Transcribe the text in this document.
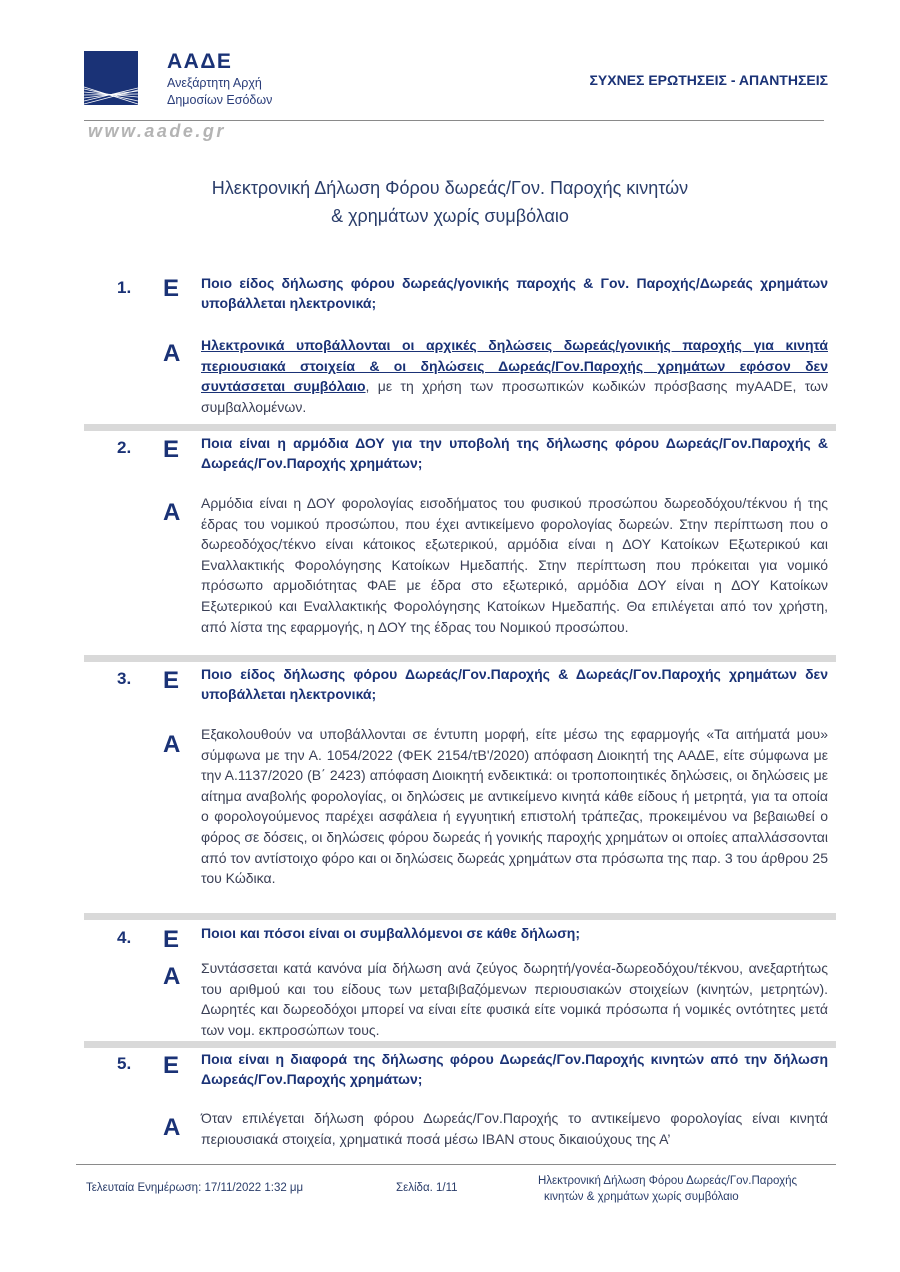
ΑΑΔΕ
Ανεξάρτητη Αρχή
Δημοσίων Εσόδων
www.aade.gr
ΣΥΧΝΕΣ ΕΡΩΤΗΣΕΙΣ - ΑΠΑΝΤΗΣΕΙΣ
Ηλεκτρονική Δήλωση Φόρου δωρεάς/Γον. Παροχής κινητών
& χρημάτων χωρίς συμβόλαιο
1. Ε Ποιο είδος δήλωσης φόρου δωρεάς/γονικής παροχής & Γον. Παροχής/Δωρεάς χρημάτων υποβάλλεται ηλεκτρονικά;
Α Ηλεκτρονικά υποβάλλονται οι αρχικές δηλώσεις δωρεάς/γονικής παροχής για κινητά περιουσιακά στοιχεία & οι δηλώσεις Δωρεάς/Γον.Παροχής χρημάτων εφόσον δεν συντάσσεται συμβόλαιο, με τη χρήση των προσωπικών κωδικών πρόσβασης myAADE, των συμβαλλομένων.
2. Ε Ποια είναι η αρμόδια ΔΟΥ για την υποβολή της δήλωσης φόρου Δωρεάς/Γον.Παροχής & Δωρεάς/Γον.Παροχής χρημάτων;
Α Αρμόδια είναι η ΔΟΥ φορολογίας εισοδήματος του φυσικού προσώπου δωρεοδόχου/τέκνου ή της έδρας του νομικού προσώπου, που έχει αντικείμενο φορολογίας δωρεών. Στην περίπτωση που ο δωρεοδόχος/τέκνο είναι κάτοικος εξωτερικού, αρμόδια είναι η ΔΟΥ Κατοίκων Εξωτερικού και Εναλλακτικής Φορολόγησης Κατοίκων Ημεδαπής. Στην περίπτωση που πρόκειται για νομικό πρόσωπο αρμοδιότητας ΦΑΕ με έδρα στο εξωτερικό, αρμόδια ΔΟΥ είναι η ΔΟΥ Κατοίκων Εξωτερικού και Εναλλακτικής Φορολόγησης Κατοίκων Ημεδαπής. Θα επιλέγεται από τον χρήστη, από λίστα της εφαρμογής, η ΔΟΥ της έδρας του Νομικού προσώπου.
3. Ε Ποιο είδος δήλωσης φόρου Δωρεάς/Γον.Παροχής & Δωρεάς/Γον.Παροχής χρημάτων δεν υποβάλλεται ηλεκτρονικά;
Α Εξακολουθούν να υποβάλλονται σε έντυπη μορφή, είτε μέσω της εφαρμογής «Τα αιτήματά μου» σύμφωνα με την Α. 1054/2022 (ΦΕΚ 2154/τΒ'/2020) απόφαση Διοικητή της ΑΑΔΕ, είτε σύμφωνα με την Α.1137/2020 (Β΄ 2423) απόφαση Διοικητή ενδεικτικά: οι τροποποιητικές δηλώσεις, οι δηλώσεις με αίτημα αναβολής φορολογίας, οι δηλώσεις με αντικείμενο κινητά κάθε είδους ή μετρητά, για τα οποία ο φορολογούμενος παρέχει ασφάλεια ή εγγυητική επιστολή τράπεζας, προκειμένου να βεβαιωθεί ο φόρος σε δόσεις, οι δηλώσεις φόρου δωρεάς ή γονικής παροχής χρημάτων οι οποίες απαλλάσσονται από τον αντίστοιχο φόρο και οι δηλώσεις δωρεάς χρημάτων στα πρόσωπα της παρ. 3 του άρθρου 25 του Κώδικα.
4. Ε Ποιοι και πόσοι είναι οι συμβαλλόμενοι σε κάθε δήλωση;
Α Συντάσσεται κατά κανόνα μία δήλωση ανά ζεύγος δωρητή/γονέα-δωρεοδόχου/τέκνου, ανεξαρτήτως του αριθμού και του είδους των μεταβιβαζόμενων περιουσιακών στοιχείων (κινητών, μετρητών). Δωρητές και δωρεοδόχοι μπορεί να είναι είτε φυσικά είτε νομικά πρόσωπα ή νομικές οντότητες μετά των νομ. εκπροσώπων τους.
5. Ε Ποια είναι η διαφορά της δήλωσης φόρου Δωρεάς/Γον.Παροχής κινητών από την δήλωση Δωρεάς/Γον.Παροχής χρημάτων;
Α Όταν επιλέγεται δήλωση φόρου Δωρεάς/Γον.Παροχής το αντικείμενο φορολογίας είναι κινητά περιουσιακά στοιχεία, χρηματικά ποσά μέσω IBAN στους δικαιούχους της Α’
Τελευταία Ενημέρωση: 17/11/2022 1:32 μμ	Σελίδα. 1/11
Ηλεκτρονική Δήλωση Φόρου Δωρεάς/Γον.Παροχής
κινητών & χρημάτων χωρίς συμβόλαιο
